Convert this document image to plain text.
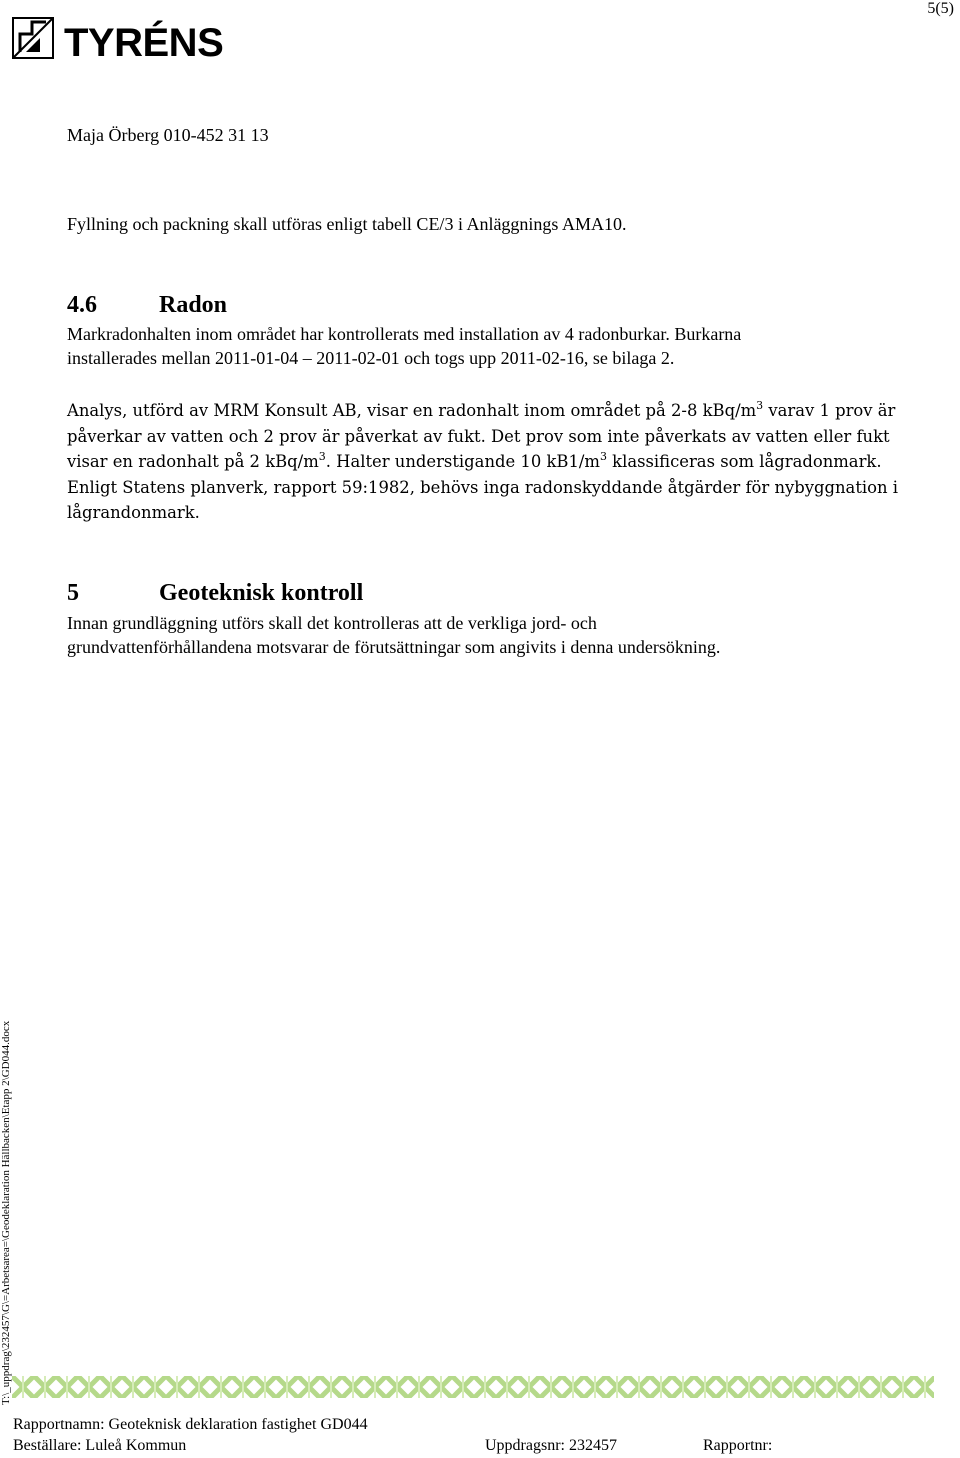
5(5)
TYRÉNS
Maja Örberg 010-452 31 13

Fyllning och packning skall utföras enligt tabell CE/3 i Anläggnings AMA10.

4.6	Radon
Markradonhalten inom området har kontrollerats med installation av 4 radonburkar. Burkarna
installerades mellan 2011-01-04 – 2011-02-01 och togs upp 2011-02-16, se bilaga 2.

Analys, utförd av MRM Konsult AB, visar en radonhalt inom området på 2-8 kBq/$m^3$ varav 1 prov är påverkar av vatten och 2 prov är påverkat av fukt. Det prov som inte påverkats av vatten eller fukt visar en radonhalt på 2 kBq/$m^3$. Halter understigande 10 $kB1/m^3$ klassificeras som lågradonmark. Enligt Statens planverk, rapport 59:1982, behövs inga radonskyddande åtgärder för nybyggnation i lågrandonmark.

5	Geoteknisk kontroll
Innan grundläggning utförs skall det kontrolleras att de verkliga jord- och
grundvattenförhållandena motsvarar de förutsättningar som angivits i denna undersökning.
T:\_uppdrag\232457\G\=Arbetsarea=\Geodeklaration Hällbacken\Etapp 2\GD044.docx
Rapportnamn: Geoteknisk deklaration fastighet GD044
Beställare: Luleå Kommun	Uppdragsnr: 232457	Rapportnr:
